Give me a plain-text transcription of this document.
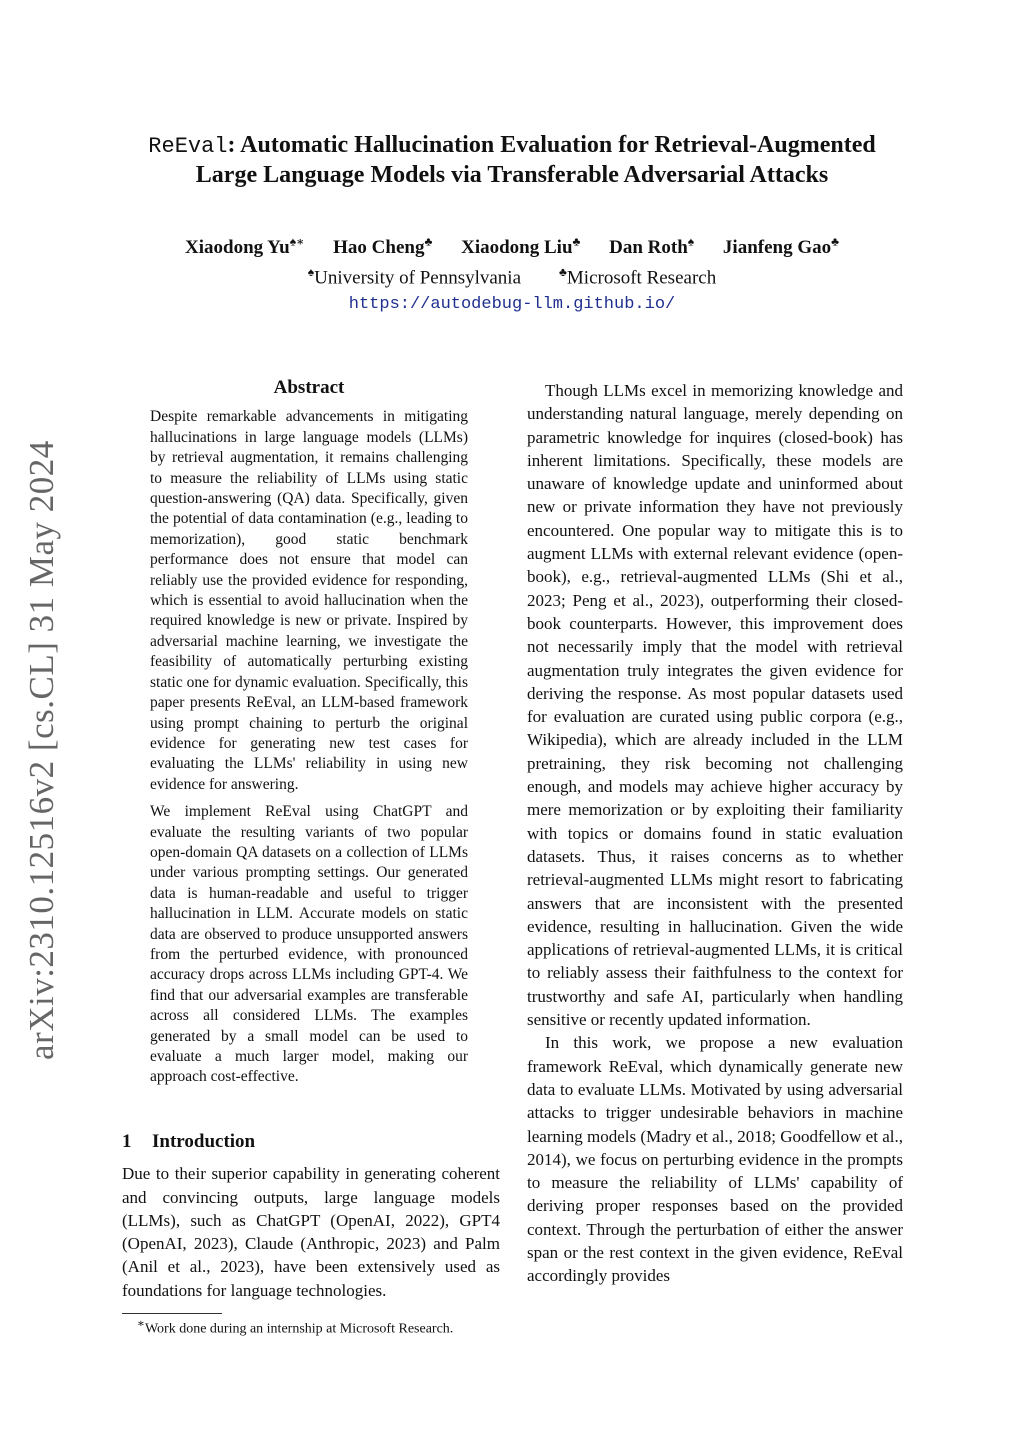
arXiv:2310.12516v2 [cs.CL] 31 May 2024
ReEval: Automatic Hallucination Evaluation for Retrieval-Augmented
Large Language Models via Transferable Adversarial Attacks
Xiaodong Yu♠∗ Hao Cheng♣ Xiaodong Liu♣ Dan Roth♠ Jianfeng Gao♣
♠University of Pennsylvania	♣Microsoft Research
https://autodebug-llm.github.io/
Abstract

Despite remarkable advancements in mitigating hallucinations in large language models (LLMs) by retrieval augmentation, it remains challenging to measure the reliability of LLMs using static question-answering (QA) data. Specifically, given the potential of data contamination (e.g., leading to memorization), good static benchmark performance does not ensure that model can reliably use the provided evidence for responding, which is essential to avoid hallucination when the required knowledge is new or private. Inspired by adversarial machine learning, we investigate the feasibility of automatically perturbing existing static one for dynamic evaluation. Specifically, this paper presents ReEval, an LLM-based framework using prompt chaining to perturb the original evidence for generating new test cases for evaluating the LLMs' reliability in using new evidence for answering.

We implement ReEval using ChatGPT and evaluate the resulting variants of two popular open-domain QA datasets on a collection of LLMs under various prompting settings. Our generated data is human-readable and useful to trigger hallucination in LLM. Accurate models on static data are observed to produce unsupported answers from the perturbed evidence, with pronounced accuracy drops across LLMs including GPT-4. We find that our adversarial examples are transferable across all considered LLMs. The examples generated by a small model can be used to evaluate a much larger model, making our approach cost-effective.

1 Introduction

Due to their superior capability in generating coherent and convincing outputs, large language models (LLMs), such as ChatGPT (OpenAI, 2022), GPT4 (OpenAI, 2023), Claude (Anthropic, 2023) and Palm (Anil et al., 2023), have been extensively used as foundations for language technologies.

∗Work done during an internship at Microsoft Research.

Though LLMs excel in memorizing knowledge and understanding natural language, merely depending on parametric knowledge for inquires (closed-book) has inherent limitations. Specifically, these models are unaware of knowledge update and uninformed about new or private information they have not previously encountered. One popular way to mitigate this is to augment LLMs with external relevant evidence (open-book), e.g., retrieval-augmented LLMs (Shi et al., 2023; Peng et al., 2023), outperforming their closed-book counterparts. However, this improvement does not necessarily imply that the model with retrieval augmentation truly integrates the given evidence for deriving the response. As most popular datasets used for evaluation are curated using public corpora (e.g., Wikipedia), which are already included in the LLM pretraining, they risk becoming not challenging enough, and models may achieve higher accuracy by mere memorization or by exploiting their familiarity with topics or domains found in static evaluation datasets. Thus, it raises concerns as to whether retrieval-augmented LLMs might resort to fabricating answers that are inconsistent with the presented evidence, resulting in hallucination. Given the wide applications of retrieval-augmented LLMs, it is critical to reliably assess their faithfulness to the context for trustworthy and safe AI, particularly when handling sensitive or recently updated information.

In this work, we propose a new evaluation framework ReEval, which dynamically generate new data to evaluate LLMs. Motivated by using adversarial attacks to trigger undesirable behaviors in machine learning models (Madry et al., 2018; Goodfellow et al., 2014), we focus on perturbing evidence in the prompts to measure the reliability of LLMs' capability of deriving proper responses based on the provided context. Through the perturbation of either the answer span or the rest context in the given evidence, ReEval accordingly provides
